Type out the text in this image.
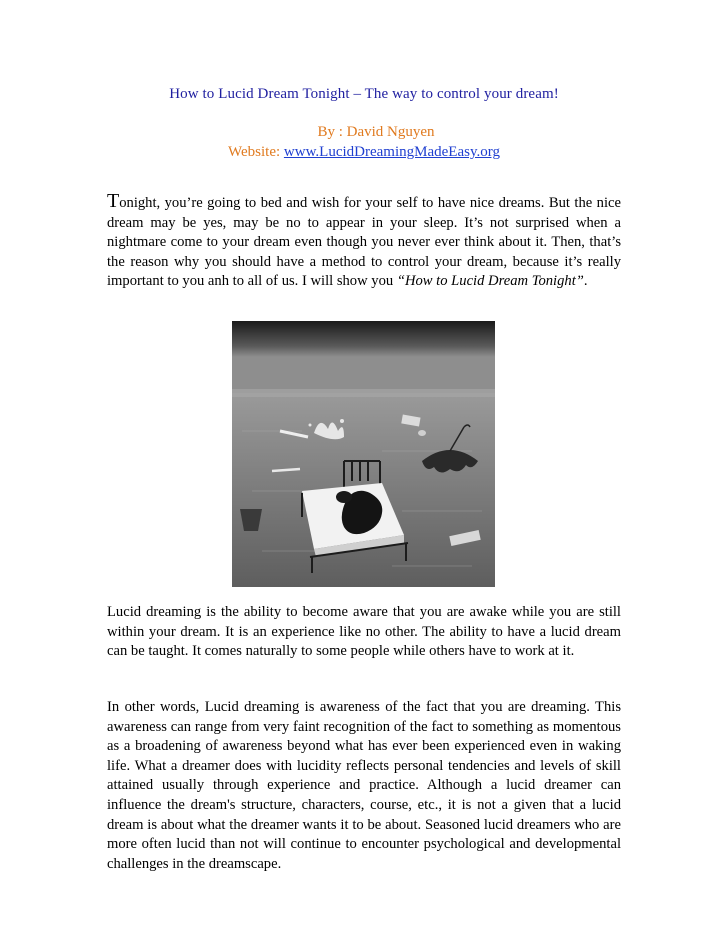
How to Lucid Dream Tonight – The way to control your dream!
By : David Nguyen
Website: www.LucidDreamingMadeEasy.org

Tonight, you’re going to bed and wish for your self to have nice dreams. But the nice dream may be yes, may be no to appear in your sleep. It’s not surprised when a nightmare come to your dream even though you never ever think about it. Then, that’s the reason why you should have a method to control your dream, because it’s really important to you anh to all of us. I will show you “How to Lucid Dream Tonight”.

Lucid dreaming is the ability to become aware that you are awake while you are still within your dream. It is an experience like no other. The ability to have a lucid dream can be taught. It comes naturally to some people while others have to work at it.

In other words, Lucid dreaming is awareness of the fact that you are dreaming. This awareness can range from very faint recognition of the fact to something as momentous as a broadening of awareness beyond what has ever been experienced even in waking life. What a dreamer does with lucidity reflects personal tendencies and levels of skill attained usually through experience and practice. Although a lucid dreamer can influence the dream's structure, characters, course, etc., it is not a given that a lucid dream is about what the dreamer wants it to be about. Seasoned lucid dreamers who are more often lucid than not will continue to encounter psychological and developmental challenges in the dreamscape.
